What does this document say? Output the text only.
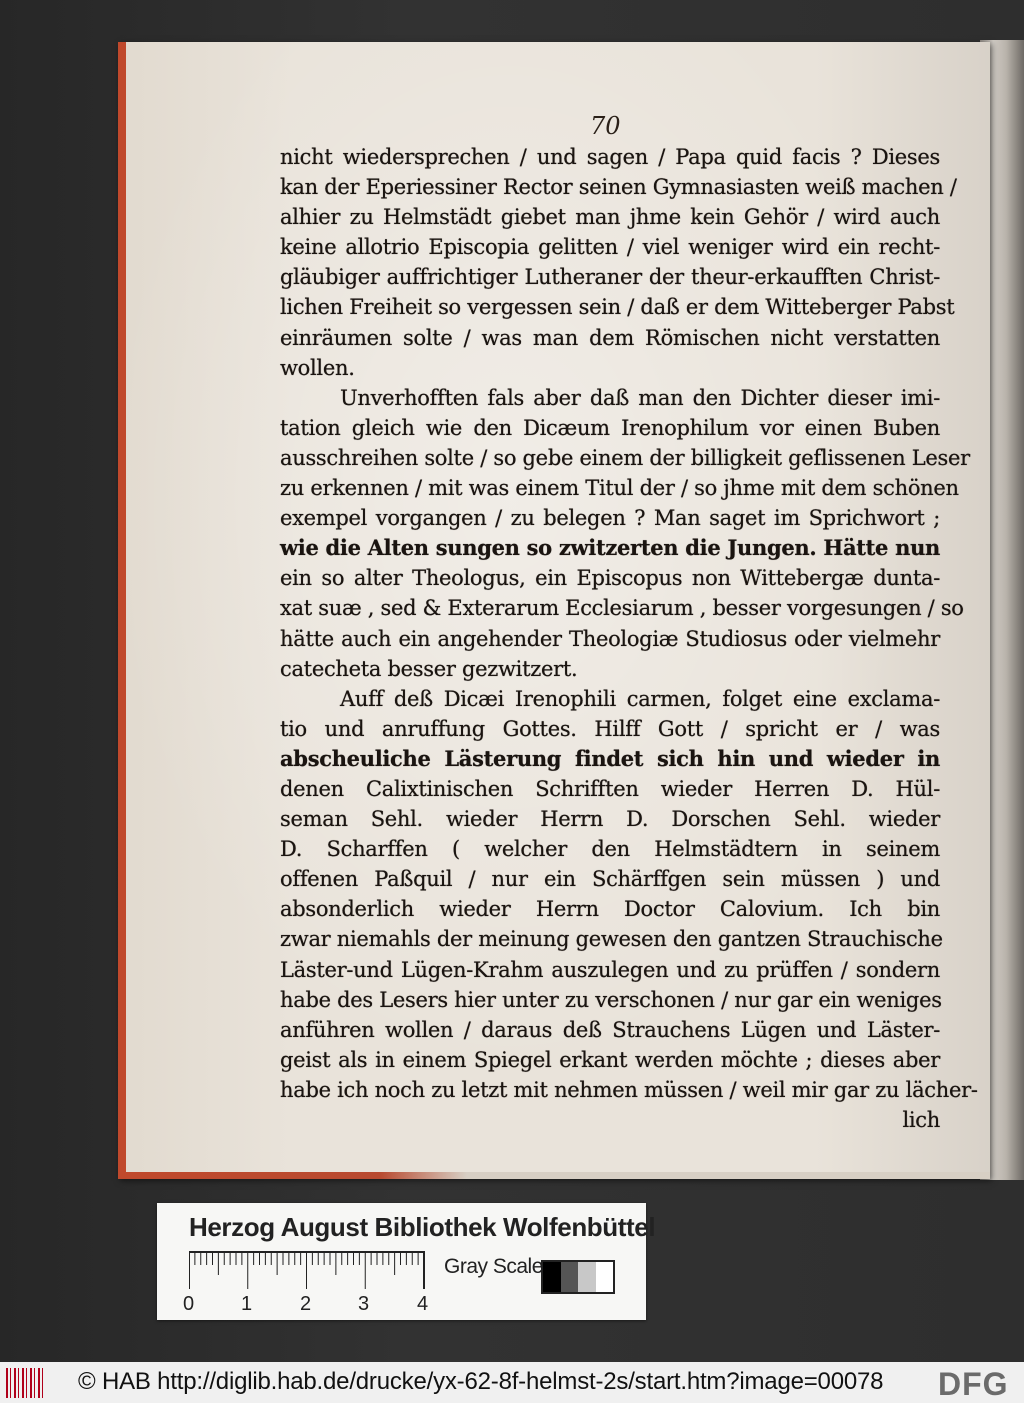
70
nicht wiedersprechen / und sagen / Papa quid facis ? Dieses
kan der Eperiessiner Rector seinen Gymnasiasten weiß machen /
alhier zu Helmstädt giebet man jhme kein Gehör / wird auch
keine allotrio Episcopia gelitten / viel weniger wird ein recht-
gläubiger auffrichtiger Lutheraner der theur-erkaufften Christ-
lichen Freiheit so vergessen sein / daß er dem Witteberger Pabst
einräumen solte / was man dem Römischen nicht verstatten
wollen.
Unverhofften fals aber daß man den Dichter dieser imi-
tation gleich wie den Dicæum Irenophilum vor einen Buben
ausschreihen solte / so gebe einem der billigkeit geflissenen Leser
zu erkennen / mit was einem Titul der / so jhme mit dem schönen
exempel vorgangen / zu belegen ? Man saget im Sprichwort ;
wie die Alten sungen so zwitzerten die Jungen. Hätte nun
ein so alter Theologus, ein Episcopus non Wittebergæ dunta-
xat suæ , sed & Exterarum Ecclesiarum , besser vorgesungen / so
hätte auch ein angehender Theologiæ Studiosus oder vielmehr
catecheta besser gezwitzert.
Auff deß Dicæi Irenophili carmen, folget eine exclama-
tio und anruffung Gottes. Hilff Gott / spricht er / was
abscheuliche Lästerung findet sich hin und wieder in
denen Calixtinischen Schrifften wieder Herren D. Hül-
seman Sehl. wieder Herrn D. Dorschen Sehl. wieder
D. Scharffen ( welcher den Helmstädtern in seinem
offenen Paßquil / nur ein Schärffgen sein müssen ) und
absonderlich wieder Herrn Doctor Calovium. Ich bin
zwar niemahls der meinung gewesen den gantzen Strauchische
Läster-und Lügen-Krahm auszulegen und zu prüffen / sondern
habe des Lesers hier unter zu verschonen / nur gar ein weniges
anführen wollen / daraus deß Strauchens Lügen und Läster-
geist als in einem Spiegel erkant werden möchte ; dieses aber
habe ich noch zu letzt mit nehmen müssen / weil mir gar zu lächer-
lich
Herzog August Bibliothek Wolfenbüttel
0 1 2 3 4
Gray Scale
© HAB http://diglib.hab.de/drucke/yx-62-8f-helmst-2s/start.htm?image=00078 DFG
